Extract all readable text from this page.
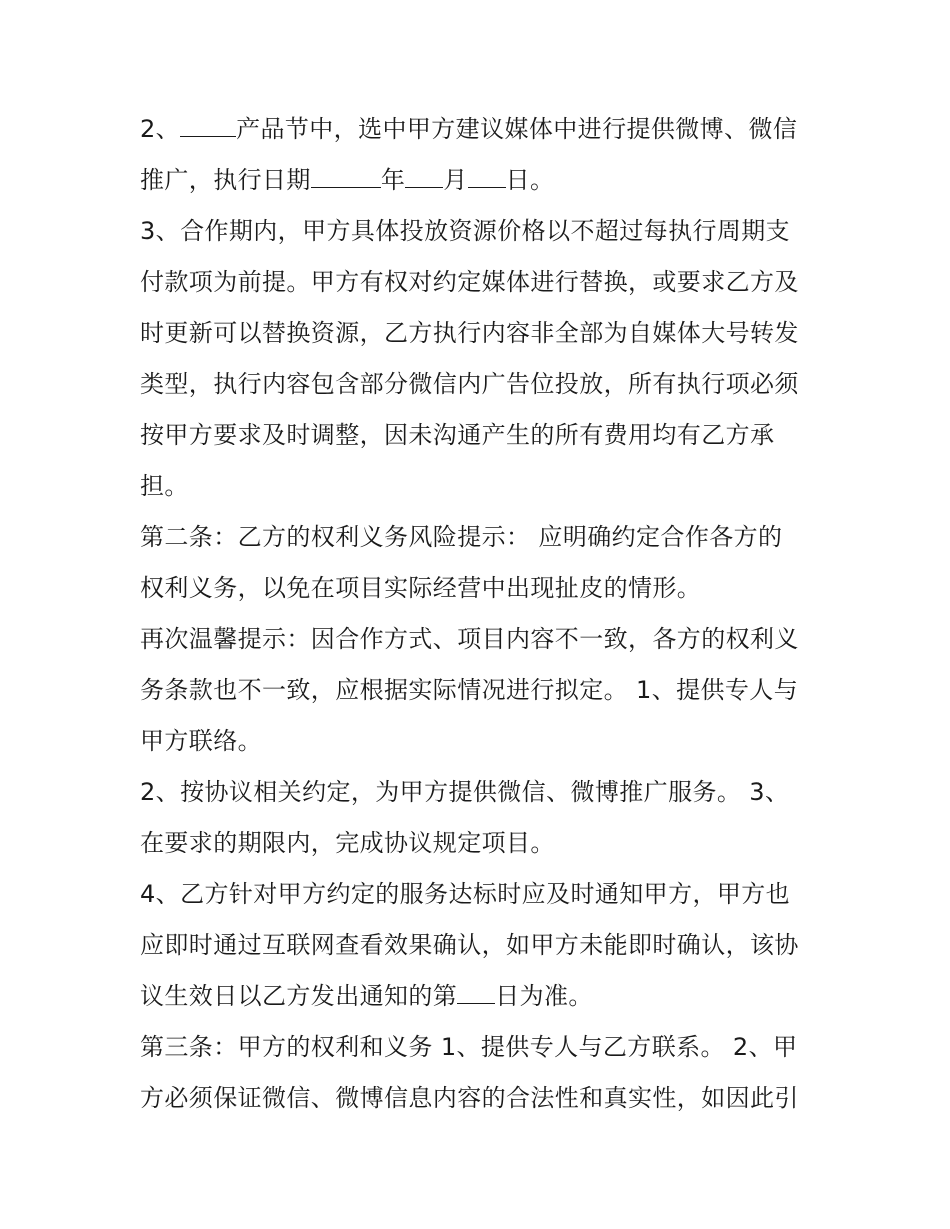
2、 产品节中，选中甲方建议媒体中进行提供微博、微信
推广，执行日期	年 月 日。
3、合作期内，甲方具体投放资源价格以不超过每执行周期支
付款项为前提。甲方有权对约定媒体进行替换，或要求乙方及
时更新可以替换资源，乙方执行内容非全部为自媒体大号转发
类型，执行内容包含部分微信内广告位投放，所有执行项必须
按甲方要求及时调整，因未沟通产生的所有费用均有乙方承
担。
第二条：乙方的权利义务风险提示： 应明确约定合作各方的
权利义务，以免在项目实际经营中出现扯皮的情形。
再次温馨提示：因合作方式、项目内容不一致，各方的权利义
务条款也不一致，应根据实际情况进行拟定。 1、提供专人与
甲方联络。
2、按协议相关约定，为甲方提供微信、微博推广服务。 3、
在要求的期限内，完成协议规定项目。
4、乙方针对甲方约定的服务达标时应及时通知甲方，甲方也
应即时通过互联网查看效果确认，如甲方未能即时确认，该协
议生效日以乙方发出通知的第 日为准。
第三条：甲方的权利和义务 1、提供专人与乙方联系。 2、甲
方必须保证微信、微博信息内容的合法性和真实性，如因此引
